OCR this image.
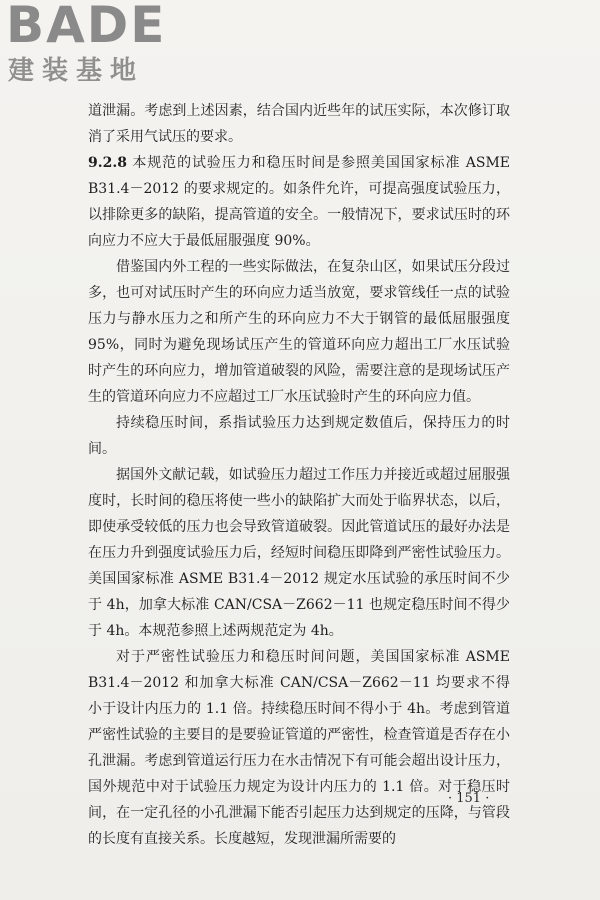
BADE
建装基地

道泄漏。考虑到上述因素，结合国内近些年的试压实际，本次修订取消了采用气试压的要求。

9.2.8 本规范的试验压力和稳压时间是参照美国国家标准 ASME B31.4－2012 的要求规定的。如条件允许，可提高强度试验压力，以排除更多的缺陷，提高管道的安全。一般情况下，要求试压时的环向应力不应大于最低屈服强度 90%。

借鉴国内外工程的一些实际做法，在复杂山区，如果试压分段过多，也可对试压时产生的环向应力适当放宽，要求管线任一点的试验压力与静水压力之和所产生的环向应力不大于钢管的最低屈服强度 95%，同时为避免现场试压产生的管道环向应力超出工厂水压试验时产生的环向应力，增加管道破裂的风险，需要注意的是现场试压产生的管道环向应力不应超过工厂水压试验时产生的环向应力值。

持续稳压时间，系指试验压力达到规定数值后，保持压力的时间。

据国外文献记载，如试验压力超过工作压力并接近或超过屈服强度时，长时间的稳压将使一些小的缺陷扩大而处于临界状态，以后，即使承受较低的压力也会导致管道破裂。因此管道试压的最好办法是在压力升到强度试验压力后，经短时间稳压即降到严密性试验压力。美国国家标准 ASME B31.4－2012 规定水压试验的承压时间不少于 4h，加拿大标准 CAN/CSA－Z662－11 也规定稳压时间不得少于 4h。本规范参照上述两规范定为 4h。

对于严密性试验压力和稳压时间问题，美国国家标准 ASME B31.4－2012 和加拿大标准 CAN/CSA－Z662－11 均要求不得小于设计内压力的 1.1 倍。持续稳压时间不得小于 4h。考虑到管道严密性试验的主要目的是要验证管道的严密性，检查管道是否存在小孔泄漏。考虑到管道运行压力在水击情况下有可能会超出设计压力，国外规范中对于试验压力规定为设计内压力的 1.1 倍。对于稳压时间，在一定孔径的小孔泄漏下能否引起压力达到规定的压降，与管段的长度有直接关系。长度越短，发现泄漏所需要的

· 151 ·
